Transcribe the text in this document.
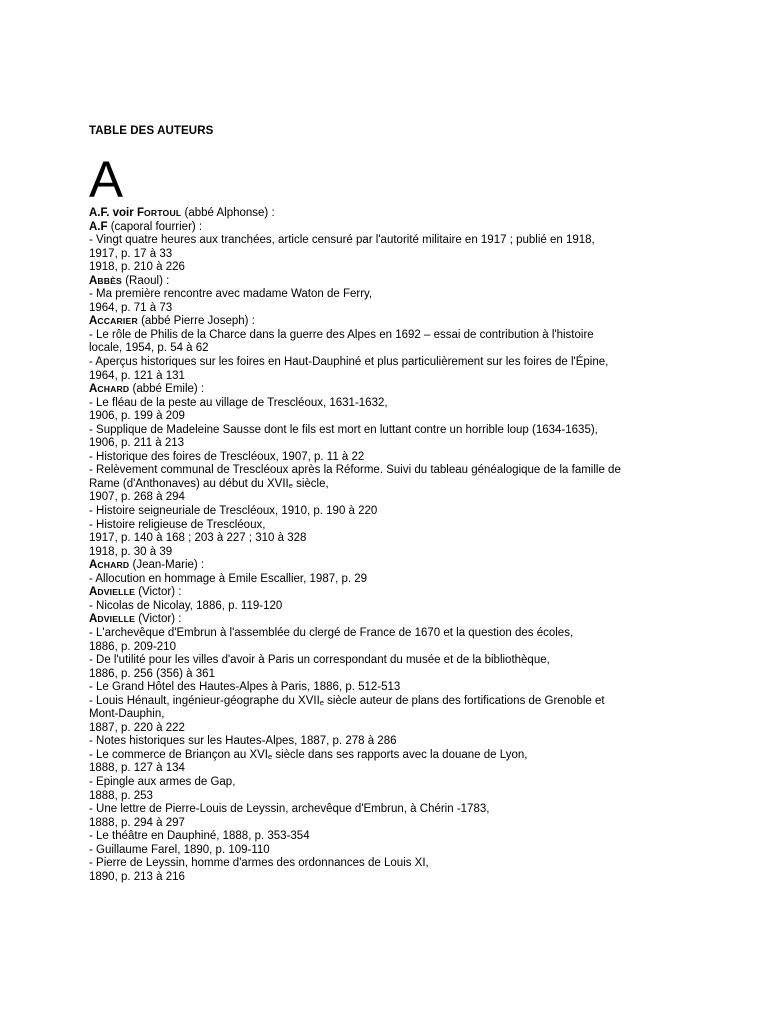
TABLE DES AUTEURS
A
A.F. voir FORTOUL (abbé Alphonse) :
A.F (caporal fourrier) :
- Vingt quatre heures aux tranchées, article censuré par l'autorité militaire en 1917 ; publié en 1918,
1917, p. 17 à 33
1918, p. 210 à 226
ABBÈS (Raoul) :
- Ma première rencontre avec madame Waton de Ferry,
1964, p. 71 à 73
ACCARIER (abbé Pierre Joseph) :
- Le rôle de Philis de la Charce dans la guerre des Alpes en 1692 – essai de contribution à l'histoire
locale, 1954, p. 54 à 62
- Aperçus historiques sur les foires en Haut-Dauphiné et plus particulièrement sur les foires de l'Épine,
1964, p. 121 à 131
ACHARD (abbé Emile) :
- Le fléau de la peste au village de Trescléoux, 1631-1632,
1906, p. 199 à 209
- Supplique de Madeleine Sausse dont le fils est mort en luttant contre un horrible loup (1634-1635),
1906, p. 211 à 213
- Historique des foires de Trescléoux, 1907, p. 11 à 22
- Relèvement communal de Trescléoux après la Réforme. Suivi du tableau généalogique de la famille de
Rame (d'Anthonaves) au début du XVIIe siècle,
1907, p. 268 à 294
- Histoire seigneuriale de Trescléoux, 1910, p. 190 à 220
- Histoire religieuse de Trescléoux,
1917, p. 140 à 168 ; 203 à 227 ; 310 à 328
1918, p. 30 à 39
ACHARD (Jean-Marie) :
- Allocution en hommage à Emile Escallier, 1987, p. 29
ADVIELLE (Victor) :
- Nicolas de Nicolay, 1886, p. 119-120
ADVIELLE (Victor) :
- L'archevêque d'Embrun à l'assemblée du clergé de France de 1670 et la question des écoles,
1886, p. 209-210
- De l'utilité pour les villes d'avoir à Paris un correspondant du musée et de la bibliothèque,
1886, p. 256 (356) à 361
- Le Grand Hôtel des Hautes-Alpes à Paris, 1886, p. 512-513
- Louis Hénault, ingénieur-géographe du XVIIe siècle auteur de plans des fortifications de Grenoble et
Mont-Dauphin,
1887, p. 220 à 222
- Notes historiques sur les Hautes-Alpes, 1887, p. 278 à 286
- Le commerce de Briançon au XVIe siècle dans ses rapports avec la douane de Lyon,
1888, p. 127 à 134
- Epingle aux armes de Gap,
1888, p. 253
- Une lettre de Pierre-Louis de Leyssin, archevêque d'Embrun, à Chérin -1783,
1888, p. 294 à 297
- Le théâtre en Dauphiné, 1888, p. 353-354
- Guillaume Farel, 1890, p. 109-110
- Pierre de Leyssin, homme d'armes des ordonnances de Louis XI,
1890, p. 213 à 216
